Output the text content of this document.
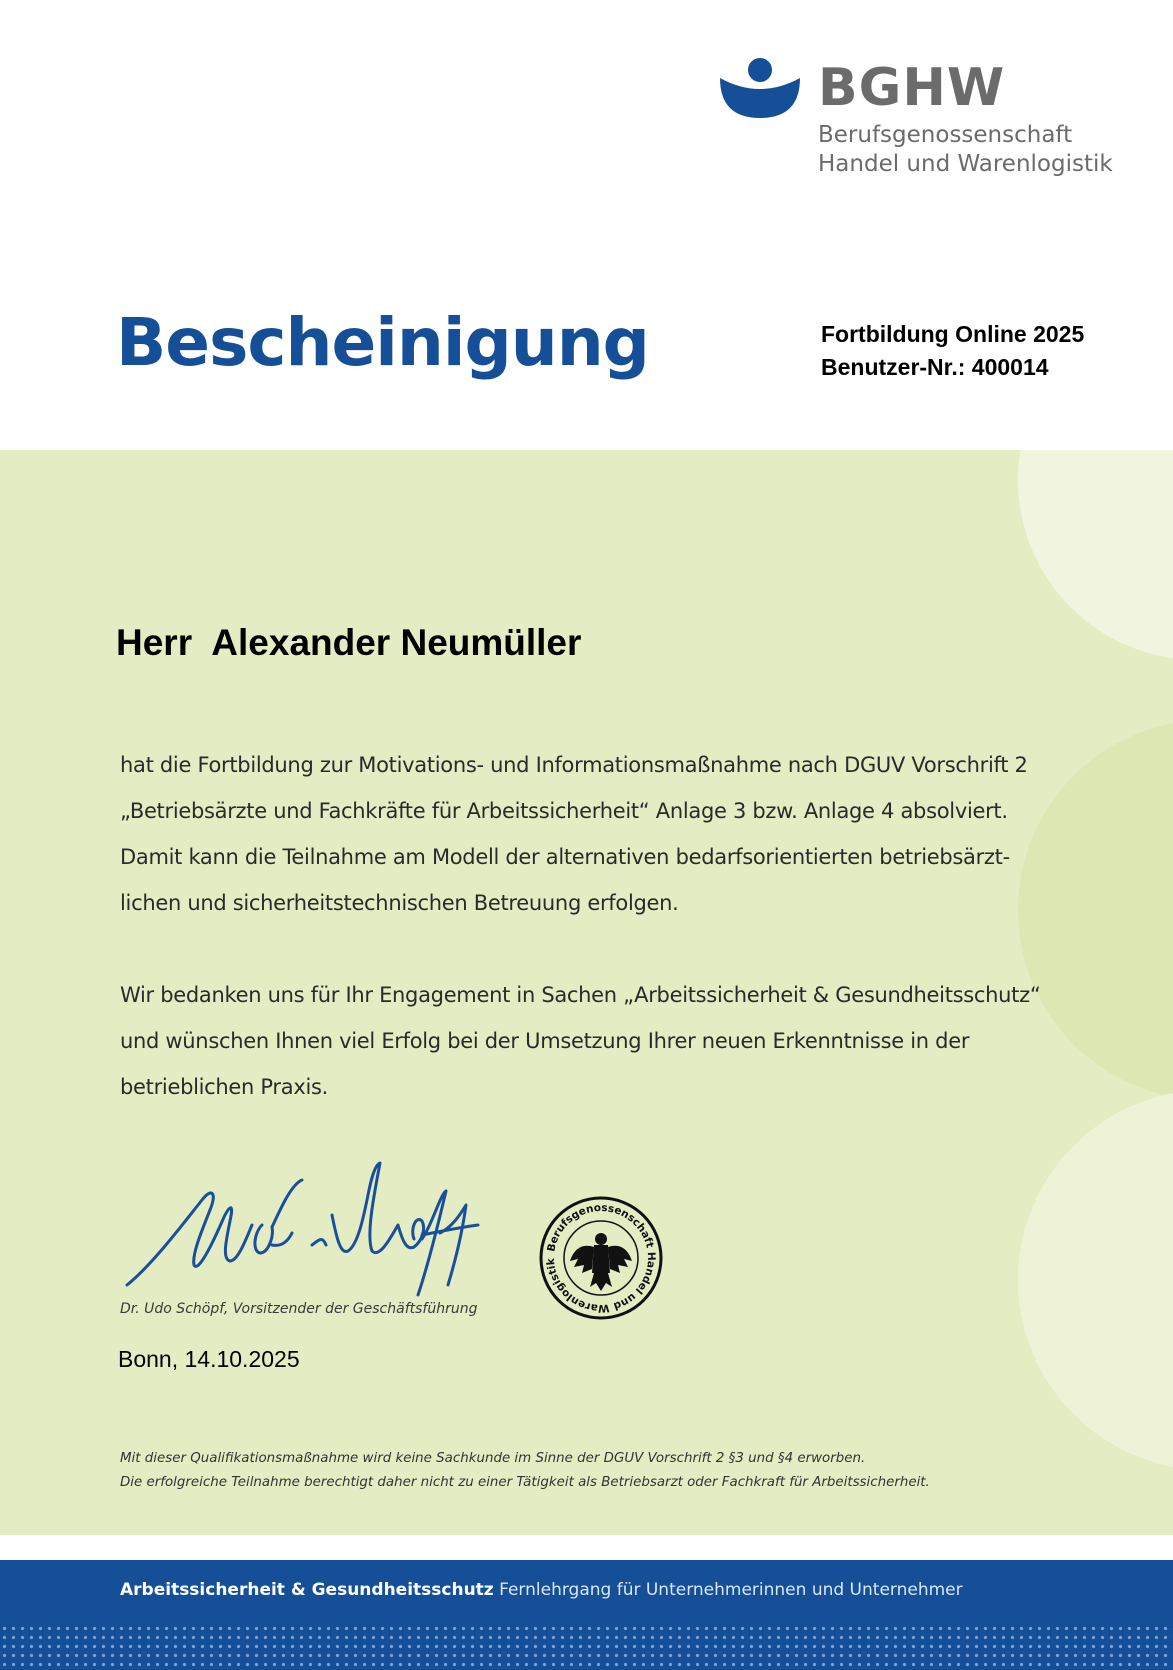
BGHW
Berufsgenossenschaft
Handel und Warenlogistik
Bescheinigung	Fortbildung Online 2025
Benutzer-Nr.: 400014
Herr  Alexander Neumüller
hat die Fortbildung zur Motivations- und Informationsmaßnahme nach DGUV Vorschrift 2
„Betriebsärzte und Fachkräfte für Arbeitssicherheit“ Anlage 3 bzw. Anlage 4 absolviert.
Damit kann die Teilnahme am Modell der alternativen bedarfsorientierten betriebsärzt-
lichen und sicherheitstechnischen Betreuung erfolgen.
Wir bedanken uns für Ihr Engagement in Sachen „Arbeitssicherheit & Gesundheitsschutz“
und wünschen Ihnen viel Erfolg bei der Umsetzung Ihrer neuen Erkenntnisse in der
betrieblichen Praxis.
Dr. Udo Schöpf, Vorsitzender der Geschäftsführung
Berufsgenossenschaft Handel und Warenlogistik
Bonn, 14.10.2025
Mit dieser Qualifikationsmaßnahme wird keine Sachkunde im Sinne der DGUV Vorschrift 2 §3 und §4 erworben.
Die erfolgreiche Teilnahme berechtigt daher nicht zu einer Tätigkeit als Betriebsarzt oder Fachkraft für Arbeitssicherheit.
Arbeitssicherheit & Gesundheitsschutz Fernlehrgang für Unternehmerinnen und Unternehmer
